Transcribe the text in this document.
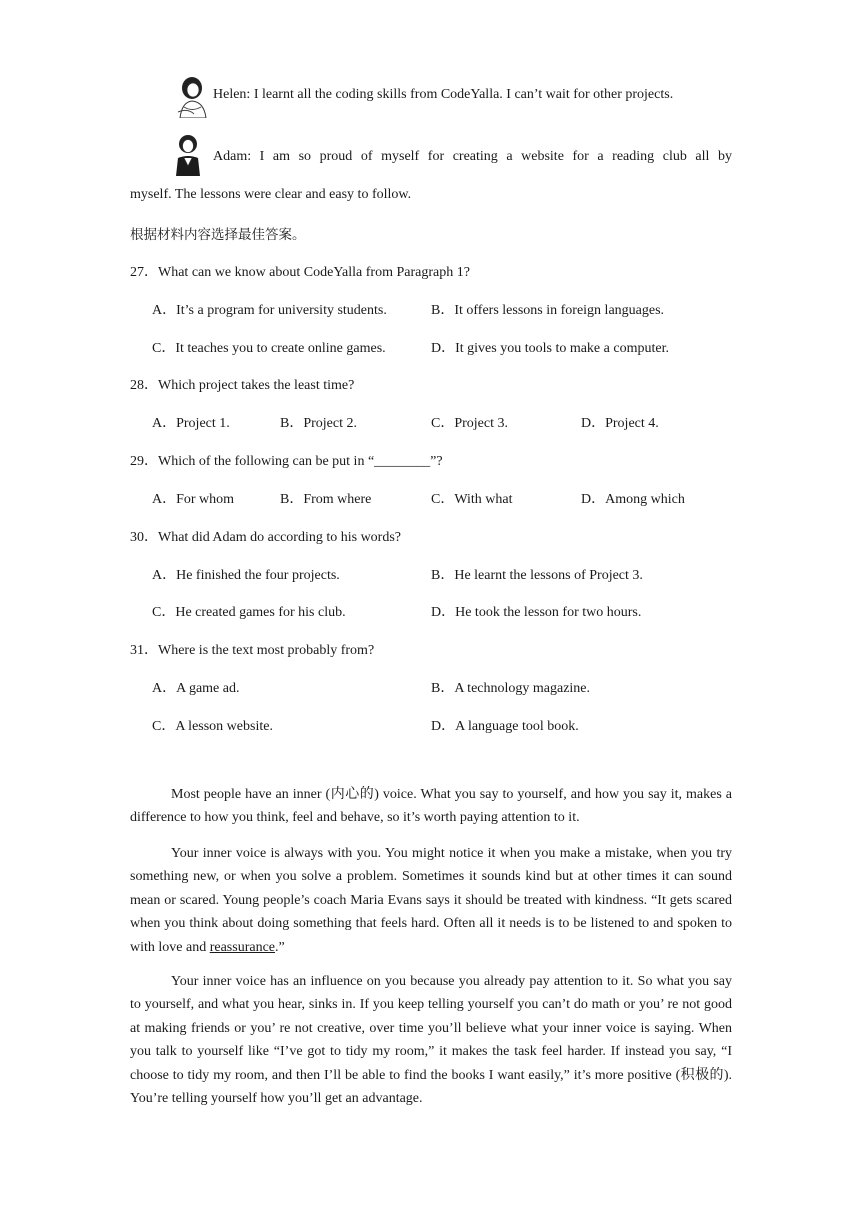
Helen: I learnt all the coding skills from CodeYalla. I can’t wait for other projects.
Adam: I am so proud of myself for creating a website for a reading club all by
myself. The lessons were clear and easy to follow.
根据材料内容选择最佳答案。
27．What can we know about CodeYalla from Paragraph 1?
A．It’s a program for university students.	B．It offers lessons in foreign languages.
C．It teaches you to create online games.	D．It gives you tools to make a computer.
28．Which project takes the least time?
A．Project 1.	B．Project 2.	C．Project 3.	D．Project 4.
29．Which of the following can be put in “________”?
A．For whom	B．From where	C．With what	D．Among which
30．What did Adam do according to his words?
A．He finished the four projects.	B．He learnt the lessons of Project 3.
C．He created games for his club.	D．He took the lesson for two hours.
31．Where is the text most probably from?
A．A game ad.	B．A technology magazine.
C．A lesson website.	D．A language tool book.
Most people have an inner (内心的) voice. What you say to yourself, and how you say it, makes a difference to how you think, feel and behave, so it’s worth paying attention to it.
Your inner voice is always with you. You might notice it when you make a mistake, when you try something new, or when you solve a problem. Sometimes it sounds kind but at other times it can sound mean or scared. Young people’s coach Maria Evans says it should be treated with kindness. “It gets scared when you think about doing something that feels hard. Often all it needs is to be listened to and spoken to with love and reassurance.”
Your inner voice has an influence on you because you already pay attention to it. So what you say to yourself, and what you hear, sinks in. If you keep telling yourself you can’t do math or you’ re not good at making friends or you’ re not creative, over time you’ll believe what your inner voice is saying. When you talk to yourself like “I’ve got to tidy my room,” it makes the task feel harder. If instead you say, “I choose to tidy my room, and then I’ll be able to find the books I want easily,” it’s more positive (积极的). You’re telling yourself how you’ll get an advantage.
